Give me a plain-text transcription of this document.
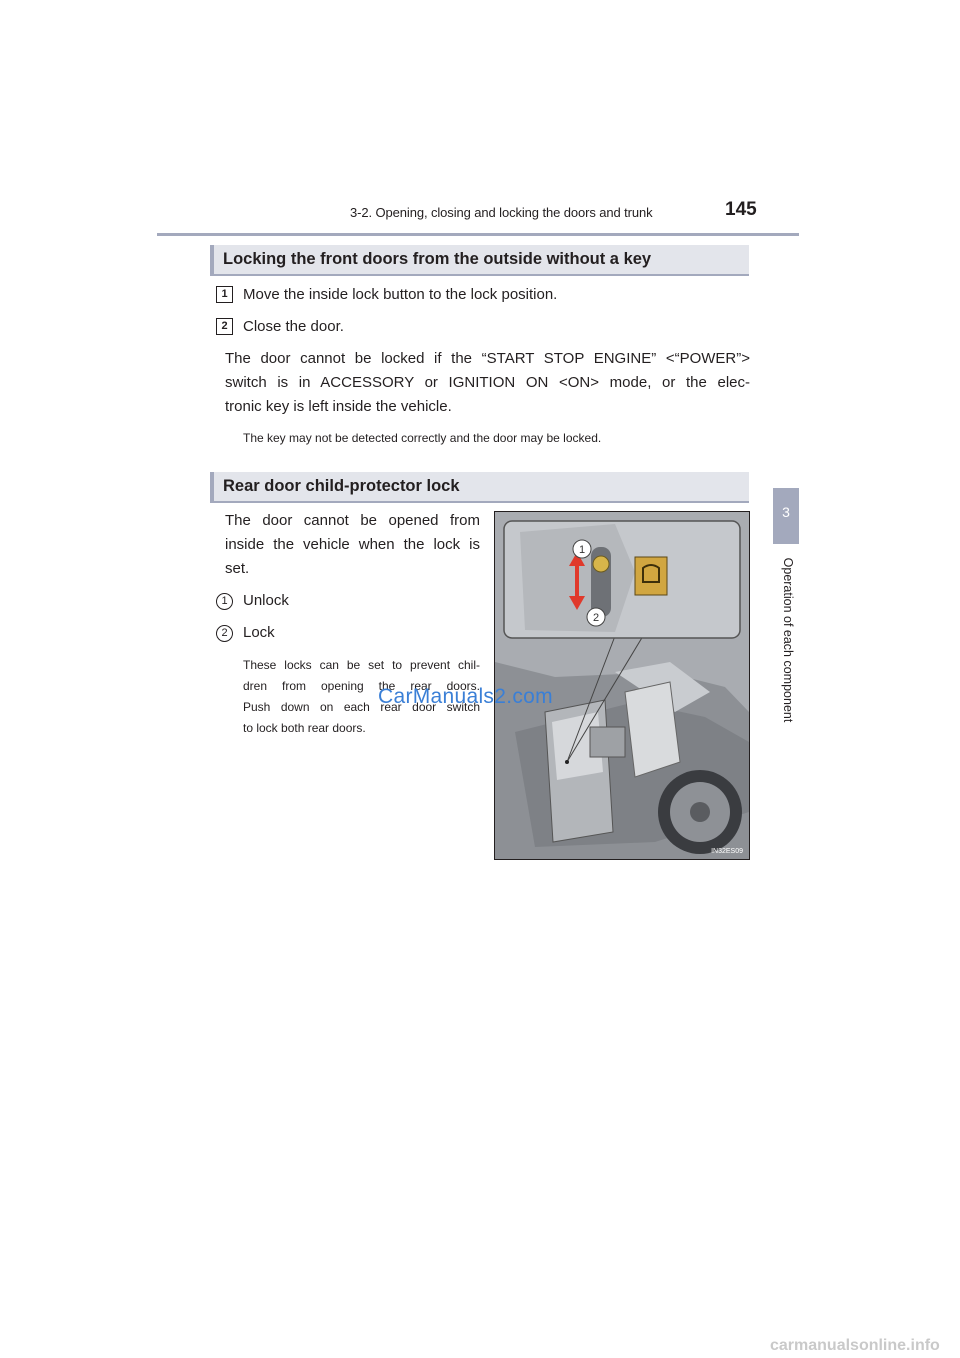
3-2. Opening, closing and locking the doors and trunk	145
3
Operation of each component
Locking the front doors from the outside without a key
1	Move the inside lock button to the lock position.
2	Close the door.
The door cannot be locked if the “START STOP ENGINE” <“POWER”>
switch is in ACCESSORY or IGNITION ON <ON> mode, or the elec-
tronic key is left inside the vehicle.
The key may not be detected correctly and the door may be locked.
Rear door child-protector lock
The door cannot be opened from
inside the vehicle when the lock is
set.
1	Unlock
2	Lock
These locks can be set to prevent chil-
dren from opening the rear doors.
Push down on each rear door switch
to lock both rear doors.
1
2
IN32ES09
CarManuals2.com
carmanualsonline.info
